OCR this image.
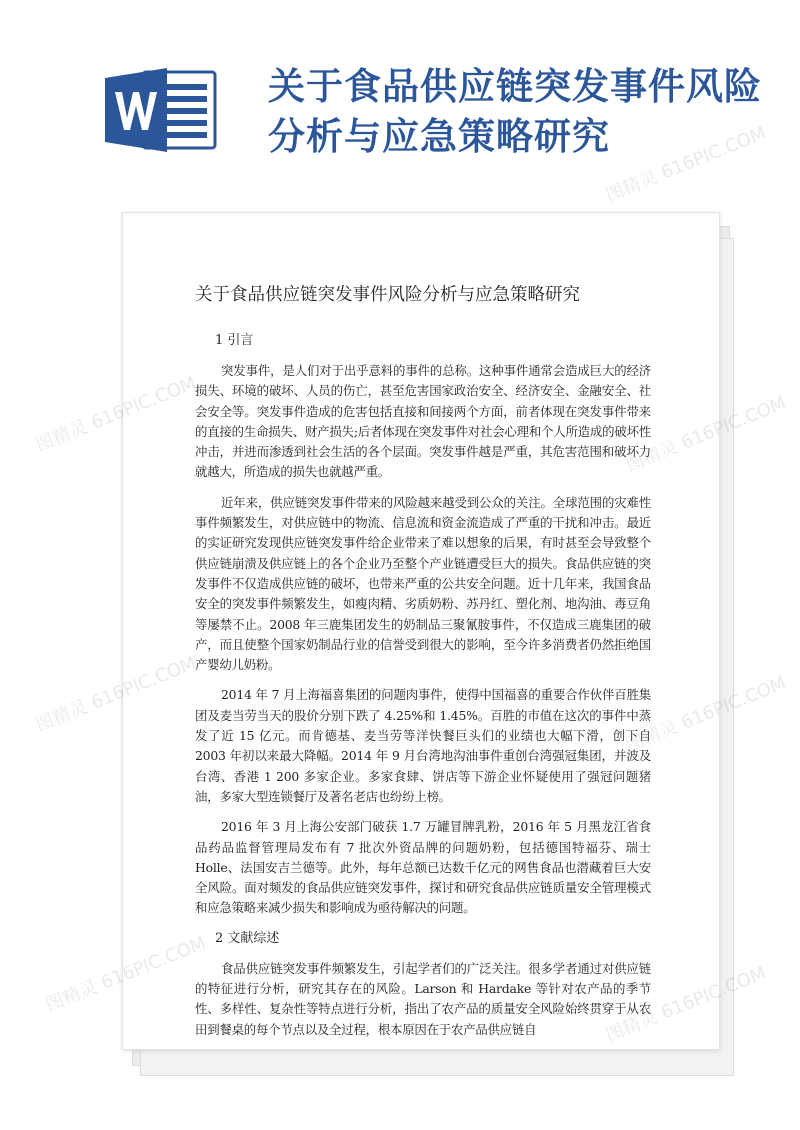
关于食品供应链突发事件风险
分析与应急策略研究
关于食品供应链突发事件风险分析与应急策略研究
1 引言

突发事件，是人们对于出乎意料的事件的总称。这种事件通常会造成巨大的经济损失、环境的破坏、人员的伤亡，甚至危害国家政治安全、经济安全、金融安全、社会安全等。突发事件造成的危害包括直接和间接两个方面，前者体现在突发事件带来的直接的生命损失、财产损失;后者体现在突发事件对社会心理和个人所造成的破坏性冲击，并进而渗透到社会生活的各个层面。突发事件越是严重，其危害范围和破坏力就越大，所造成的损失也就越严重。

近年来，供应链突发事件带来的风险越来越受到公众的关注。全球范围的灾难性事件频繁发生，对供应链中的物流、信息流和资金流造成了严重的干扰和冲击。最近的实证研究发现供应链突发事件给企业带来了难以想象的后果，有时甚至会导致整个供应链崩溃及供应链上的各个企业乃至整个产业链遭受巨大的损失。食品供应链的突发事件不仅造成供应链的破坏，也带来严重的公共安全问题。近十几年来，我国食品安全的突发事件频繁发生，如瘦肉精、劣质奶粉、苏丹红、塑化剂、地沟油、毒豆角等屡禁不止。2008 年三鹿集团发生的奶制品三聚氰胺事件，不仅造成三鹿集团的破产，而且使整个国家奶制品行业的信誉受到很大的影响，至今许多消费者仍然拒绝国产婴幼儿奶粉。

2014 年 7 月上海福喜集团的问题肉事件，使得中国福喜的重要合作伙伴百胜集团及麦当劳当天的股价分别下跌了 4.25%和 1.45%。百胜的市值在这次的事件中蒸发了近 15 亿元。而肯德基、麦当劳等洋快餐巨头们的业绩也大幅下滑，创下自 2003 年初以来最大降幅。2014 年 9 月台湾地沟油事件重创台湾强冠集团，并波及台湾、香港 1 200 多家企业。多家食肆、饼店等下游企业怀疑使用了强冠问题猪油，多家大型连锁餐厅及著名老店也纷纷上榜。

2016 年 3 月上海公安部门破获 1.7 万罐冒牌乳粉，2016 年 5 月黑龙江省食品药品监督管理局发布有 7 批次外资品牌的问题奶粉，包括德国特福芬、瑞士 Holle、法国安吉兰德等。此外，每年总额已达数千亿元的网售食品也潜藏着巨大安全风险。面对频发的食品供应链突发事件，探讨和研究食品供应链质量安全管理模式和应急策略来减少损失和影响成为亟待解决的问题。

2 文献综述

食品供应链突发事件频繁发生，引起学者们的广泛关注。很多学者通过对供应链的特征进行分析，研究其存在的风险。Larson 和 Hardake 等针对农产品的季节性、多样性、复杂性等特点进行分析，指出了农产品的质量安全风险始终贯穿于从农田到餐桌的每个节点以及全过程，根本原因在于农产品供应链自

图精灵 616PIC.COM
图精灵 616PIC.COM
图精灵 616PIC.COM
图精灵
